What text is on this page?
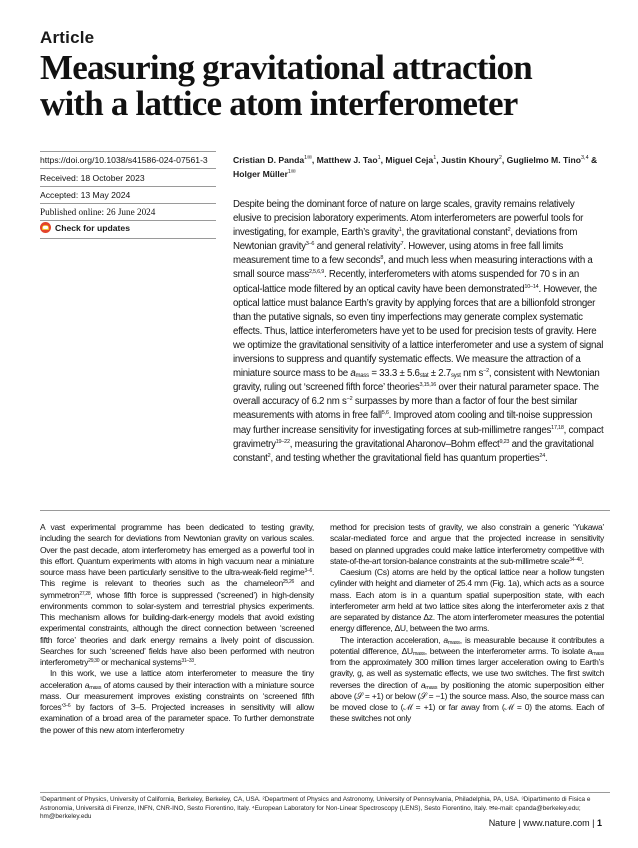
Article
Measuring gravitational attraction with a lattice atom interferometer
https://doi.org/10.1038/s41586-024-07561-3
Received: 18 October 2023
Accepted: 13 May 2024
Published online: 26 June 2024
Check for updates
Cristian D. Panda$^{1✉}$, Matthew J. Tao$^1$, Miguel Ceja$^1$, Justin Khoury$^2$, Guglielmo M. Tino$^{3,4}$ & Holger Müller$^{1✉}$
Despite being the dominant force of nature on large scales, gravity remains relatively elusive to precision laboratory experiments. Atom interferometers are powerful tools for investigating, for example, Earth’s gravity$^1$, the gravitational constant$^2$, deviations from Newtonian gravity$^{3-6}$ and general relativity$^7$. However, using atoms in free fall limits measurement time to a few seconds$^8$, and much less when measuring interactions with a small source mass$^{2,5,6,9}$. Recently, interferometers with atoms suspended for 70 s in an optical-lattice mode filtered by an optical cavity have been demonstrated$^{10-14}$. However, the optical lattice must balance Earth’s gravity by applying forces that are a billionfold stronger than the putative signals, so even tiny imperfections may generate complex systematic effects. Thus, lattice interferometers have yet to be used for precision tests of gravity. Here we optimize the gravitational sensitivity of a lattice interferometer and use a system of signal inversions to suppress and quantify systematic effects. We measure the attraction of a miniature source mass to be $a_{mass} = 33.3 \pm 5.6_{stat} \pm 2.7_{syst}$ nm $s^{-2}$, consistent with Newtonian gravity, ruling out ‘screened fifth force’ theories$^{3,15,16}$ over their natural parameter space. The overall accuracy of 6.2 nm $s^{-2}$ surpasses by more than a factor of four the best similar measurements with atoms in free fall$^{5,6}$. Improved atom cooling and tilt-noise suppression may further increase sensitivity for investigating forces at sub-millimetre ranges$^{17,18}$, compact gravimetry$^{19-22}$, measuring the gravitational Aharonov–Bohm effect$^{9,23}$ and the gravitational constant$^2$, and testing whether the gravitational field has quantum properties$^{24}$.

A vast experimental programme has been dedicated to testing gravity, including the search for deviations from Newtonian gravity on various scales. Over the past decade, atom interferometry has emerged as a powerful tool in this effort. Quantum experiments with atoms in high vacuum near a miniature source mass have been particularly sensitive to the ultra-weak-field regime$^{3-6}$. This regime is relevant to theories such as the chameleon$^{25,26}$ and symmetron$^{27,28}$, whose fifth force is suppressed (‘screened’) in high-density environments common to solar-system and terrestrial physics experiments. This mechanism allows for building-dark-energy models that avoid existing experimental constraints, although the direct connection between ‘screened fifth force’ theories and dark energy remains a lively point of discussion. Searches for such ‘screened’ fields have also been performed with neutron interferometry$^{29,30}$ or mechanical systems$^{31-33}$.

In this work, we use a lattice atom interferometer to measure the tiny acceleration $a_{mass}$ of atoms caused by their interaction with a miniature source mass. Our measurement improves existing constraints on ‘screened fifth forces’$^{3-6}$ by factors of 3–5. Projected increases in sensitivity will allow examination of a broad area of the parameter space. To further demonstrate the power of this new atom interferometry

method for precision tests of gravity, we also constrain a generic ‘Yukawa’ scalar-mediated force and argue that the projected increase in sensitivity based on planned upgrades could make lattice interferometry competitive with state-of-the-art torsion-balance constraints at the sub-millimetre scale$^{34-40}$.

Caesium (Cs) atoms are held by the optical lattice near a hollow tungsten cylinder with height and diameter of 25.4 mm (Fig. 1a), which acts as a source mass. Each atom is in a quantum spatial superposition state, with each interferometer arm held at two lattice sites along the interferometer axis z that are separated by distance Δz. The atom interferometer measures the potential energy difference, ΔU, between the two arms.

The interaction acceleration, $a_{mass}$, is measurable because it contributes a potential difference, $\Delta U_{mass}$, between the interferometer arms. To isolate $a_{mass}$ from the approximately 300 million times larger acceleration owing to Earth’s gravity, g, as well as systematic effects, we use two switches. The first switch reverses the direction of $a_{mass}$ by positioning the atomic superposition either above (𝒮 = +1) or below (𝒮 = −1) the source mass. Also, the source mass can be moved close to (ℳ = +1) or far away from (ℳ = 0) the atoms. Each of these switches not only

¹Department of Physics, University of California, Berkeley, Berkeley, CA, USA. ²Department of Physics and Astronomy, University of Pennsylvania, Philadelphia, PA, USA. ³Dipartimento di Fisica e Astronomia, Università di Firenze, INFN, CNR-INO, Sesto Fiorentino, Italy. ⁴European Laboratory for Non-Linear Spectroscopy (LENS), Sesto Fiorentino, Italy. ✉e-mail: cpanda@berkeley.edu; hm@berkeley.edu
Nature | www.nature.com | 1
